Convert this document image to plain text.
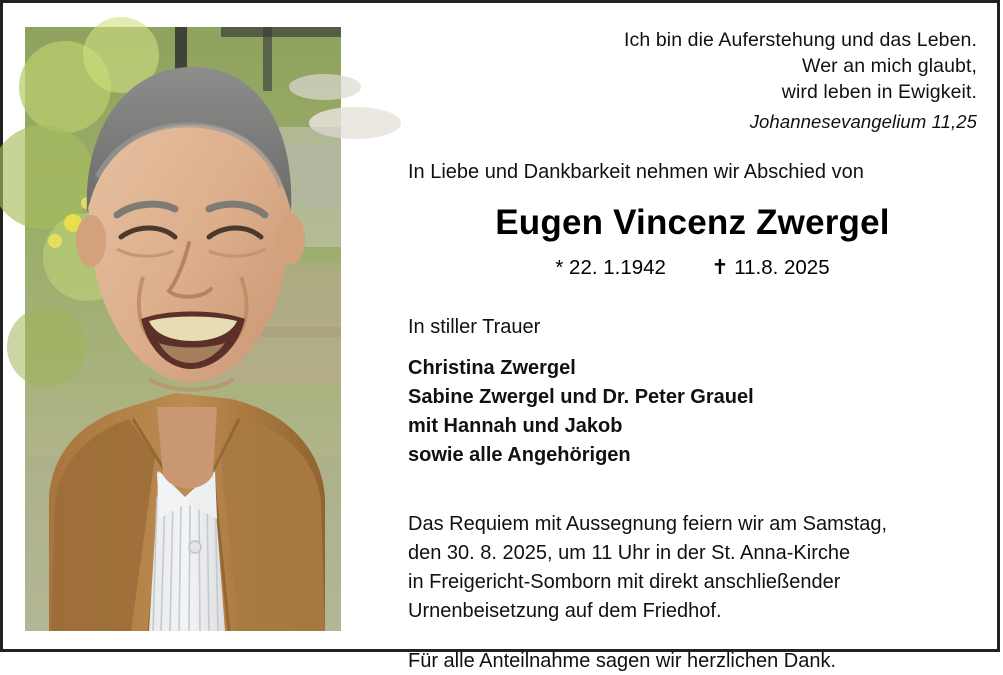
Ich bin die Auferstehung und das Leben.
Wer an mich glaubt,
wird leben in Ewigkeit.
Johannesevangelium 11,25
In Liebe und Dankbarkeit nehmen wir Abschied von
Eugen Vincenz Zwergel
* 22. 1.1942 ✝ 11.8. 2025
In stiller Trauer
Christina Zwergel
Sabine Zwergel und Dr. Peter Grauel
mit Hannah und Jakob
sowie alle Angehörigen
Das Requiem mit Aussegnung feiern wir am Samstag,
den 30. 8. 2025, um 11 Uhr in der St. Anna-Kirche
in Freigericht-Somborn mit direkt anschließender
Urnenbeisetzung auf dem Friedhof.
Für alle Anteilnahme sagen wir herzlichen Dank.
